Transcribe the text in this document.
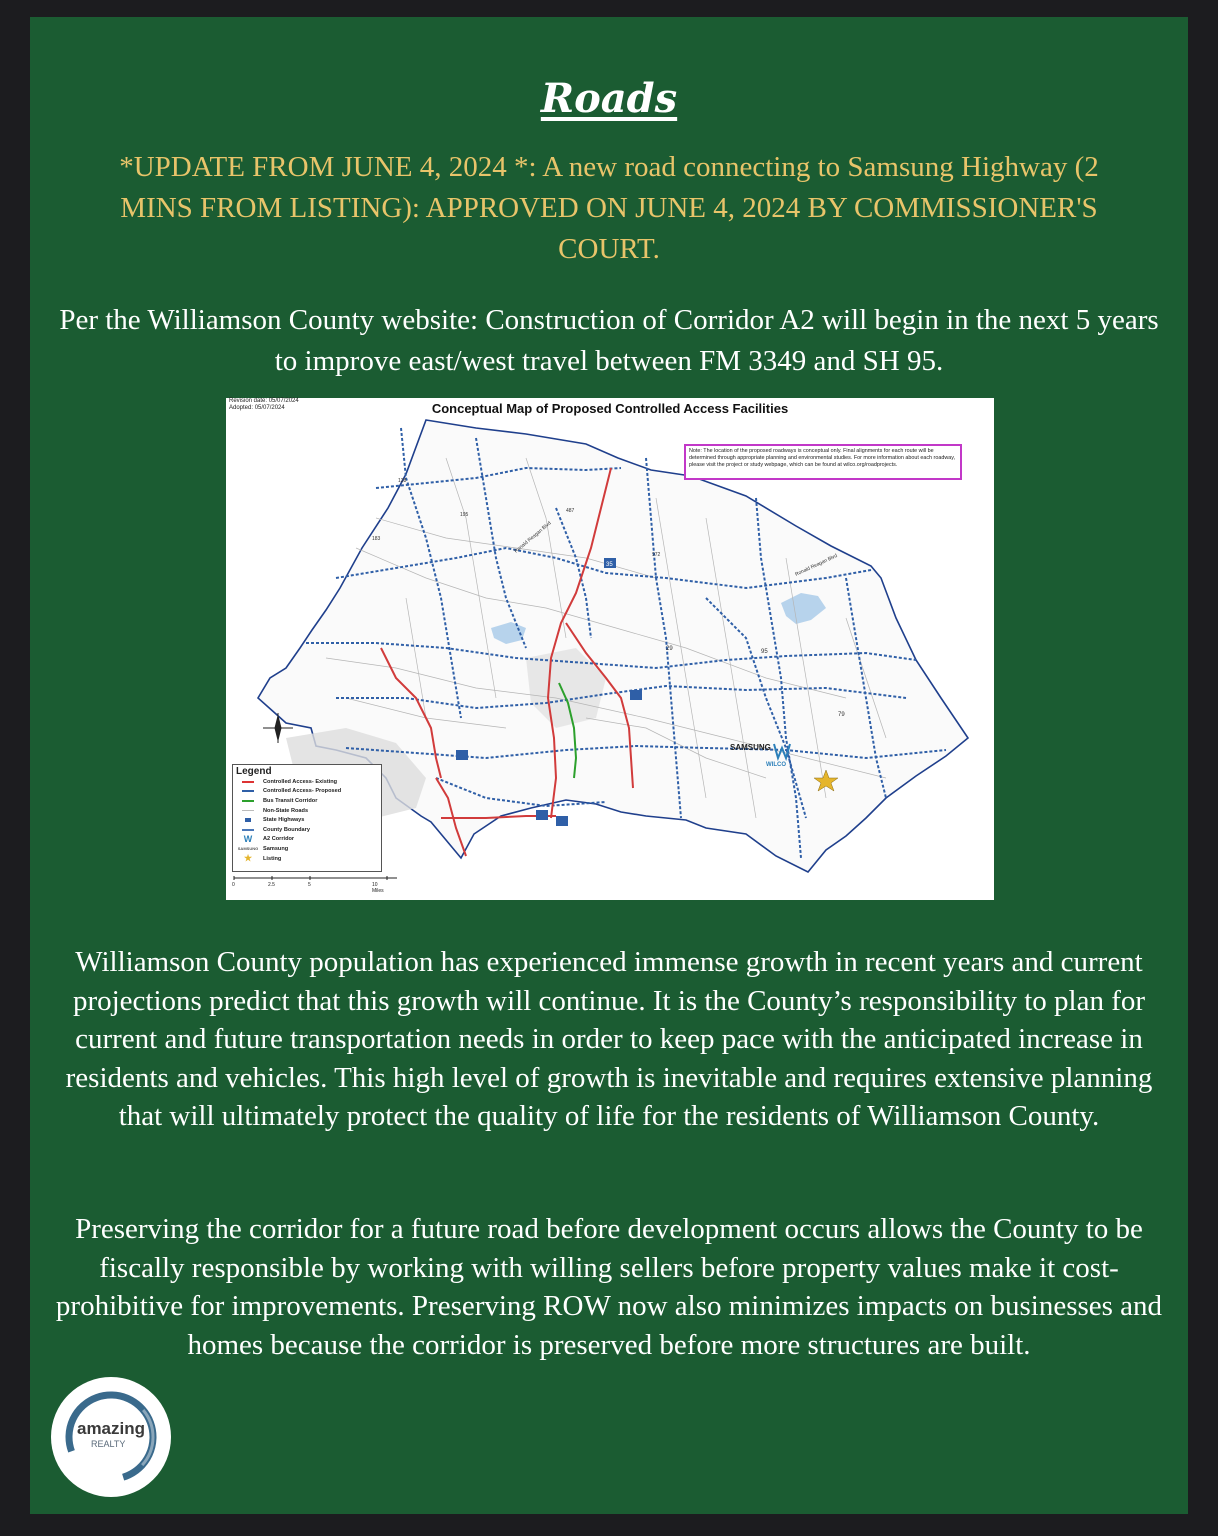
Roads
*UPDATE FROM JUNE 4, 2024 *: A new road connecting to Samsung Highway (2 MINS FROM LISTING): APPROVED ON JUNE 4, 2024 BY COMMISSIONER'S COURT.
Per the Williamson County website: Construction of Corridor A2 will begin in the next 5 years to improve east/west travel between FM 3349 and SH 95.
SAMSUNG
WILCO
Ronald Reagan Blvd
Ronald Reagan Blvd
35
29	95
79
972
487
138
195
183
Revision date: 05/07/2024
Adopted: 05/07/2024	Conceptual Map of Proposed Controlled Access Facilities
Note: The location of the proposed roadways is conceptual only. Final alignments for each route will be determined through appropriate planning and environmental studies. For more information about each roadway, please visit the project or study webpage, which can be found at wilco.org/roadprojects.
Legend
Controlled Access- Existing
Controlled Access- Proposed
Bus Transit Corridor
Non-State Roads
State Highways
County Boundary
W A2 Corridor
SAMSUNG Samsung
★ Listing
0	2.5	5	10 Miles
Williamson County population has experienced immense growth in recent years and current projections predict that this growth will continue. It is the County’s responsibility to plan for current and future transportation needs in order to keep pace with the anticipated increase in residents and vehicles. This high level of growth is inevitable and requires extensive planning that will ultimately protect the quality of life for the residents of Williamson County.
Preserving the corridor for a future road before development occurs allows the County to be fiscally responsible by working with willing sellers before property values make it cost-prohibitive for improvements. Preserving ROW now also minimizes impacts on businesses and homes because the corridor is preserved before more structures are built.
amazing
REALTY
